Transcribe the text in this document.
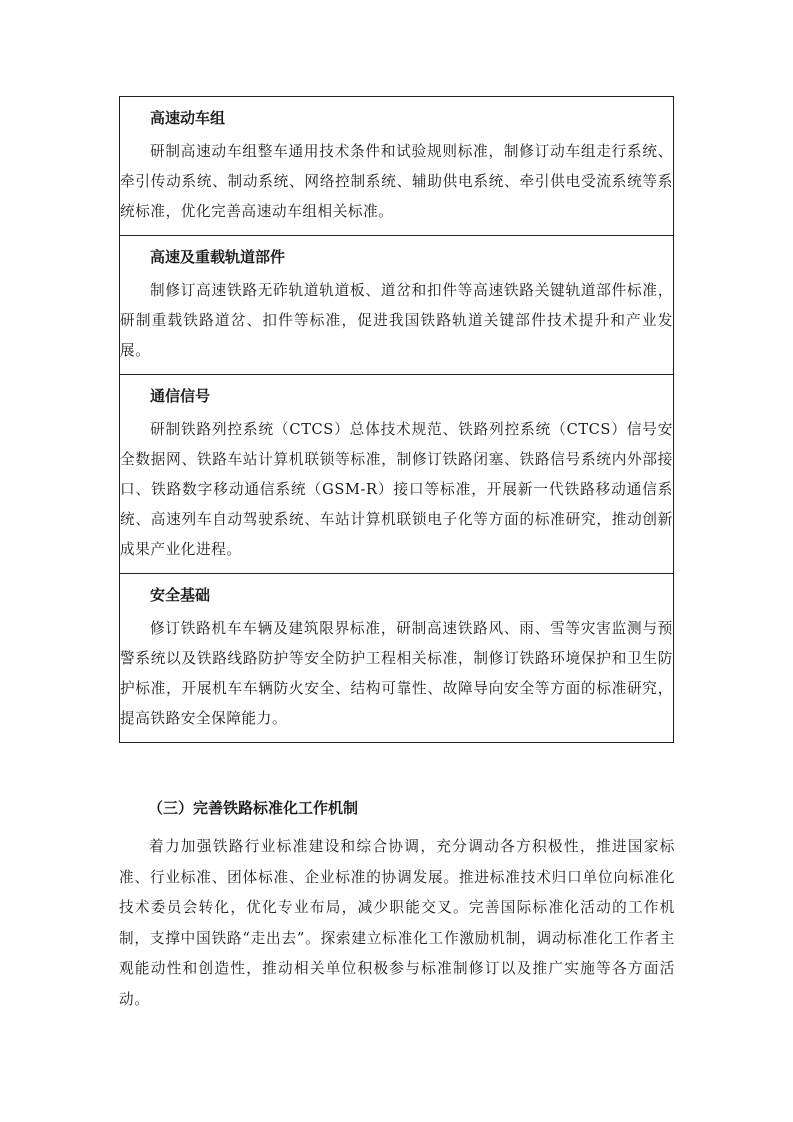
高速动车组
研制高速动车组整车通用技术条件和试验规则标准，制修订动车组走行系统、牵引传动系统、制动系统、网络控制系统、辅助供电系统、牵引供电受流系统等系统标准，优化完善高速动车组相关标准。
高速及重载轨道部件
制修订高速铁路无砟轨道轨道板、道岔和扣件等高速铁路关键轨道部件标准，研制重载铁路道岔、扣件等标准，促进我国铁路轨道关键部件技术提升和产业发展。
通信信号
研制铁路列控系统（CTCS）总体技术规范、铁路列控系统（CTCS）信号安全数据网、铁路车站计算机联锁等标准，制修订铁路闭塞、铁路信号系统内外部接口、铁路数字移动通信系统（GSM-R）接口等标准，开展新一代铁路移动通信系统、高速列车自动驾驶系统、车站计算机联锁电子化等方面的标准研究，推动创新成果产业化进程。
安全基础
修订铁路机车车辆及建筑限界标准，研制高速铁路风、雨、雪等灾害监测与预警系统以及铁路线路防护等安全防护工程相关标准，制修订铁路环境保护和卫生防护标准，开展机车车辆防火安全、结构可靠性、故障导向安全等方面的标准研究，提高铁路安全保障能力。
（三）完善铁路标准化工作机制
着力加强铁路行业标准建设和综合协调，充分调动各方积极性，推进国家标准、行业标准、团体标准、企业标准的协调发展。推进标准技术归口单位向标准化技术委员会转化，优化专业布局，减少职能交叉。完善国际标准化活动的工作机制，支撑中国铁路“走出去”。探索建立标准化工作激励机制，调动标准化工作者主观能动性和创造性，推动相关单位积极参与标准制修订以及推广实施等各方面活动。
